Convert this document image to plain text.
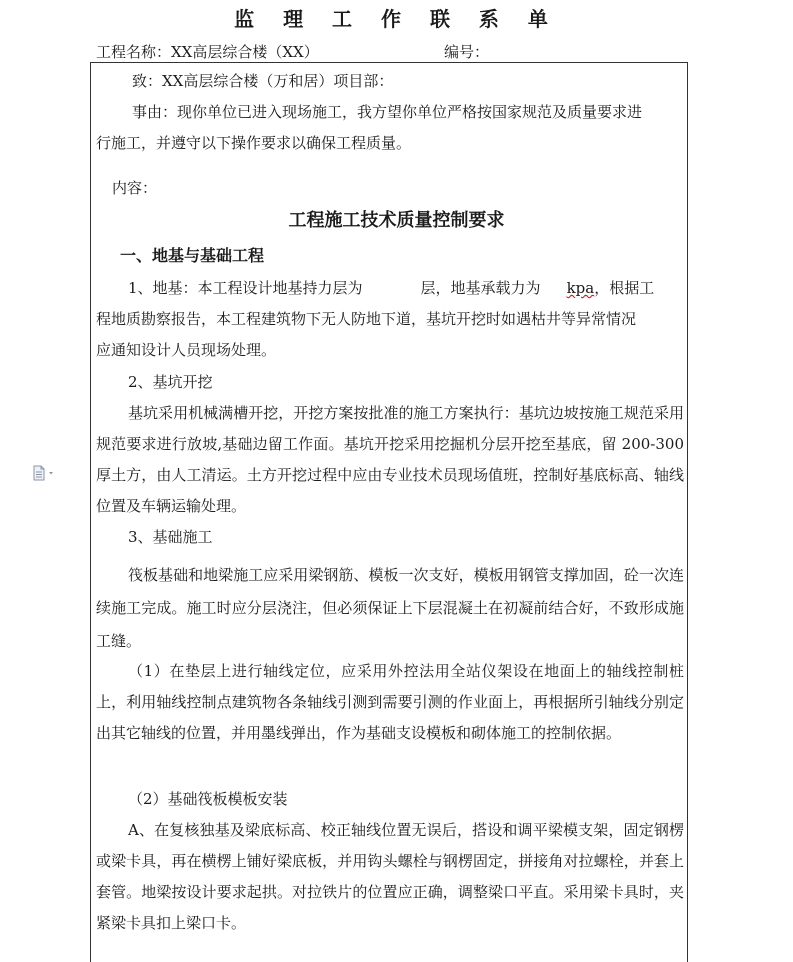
监 理 工 作 联 系 单
工程名称：XX高层综合楼（XX）	编号：
致：XX高层综合楼（万和居）项目部：
事由：现你单位已进入现场施工，我方望你单位严格按国家规范及质量要求进
行施工，并遵守以下操作要求以确保工程质量。
内容：
工程施工技术质量控制要求
一、地基与基础工程
1、地基：本工程设计地基持力层为	层，地基承载力为 kpa，根据工
程地质勘察报告，本工程建筑物下无人防地下道，基坑开挖时如遇枯井等异常情况
应通知设计人员现场处理。
2、基坑开挖
基坑采用机械满槽开挖，开挖方案按批准的施工方案执行：基坑边坡按施工规范采用规范要求进行放坡,基础边留工作面。基坑开挖采用挖掘机分层开挖至基底，留 200-300厚土方，由人工清运。土方开挖过程中应由专业技术员现场值班，控制好基底标高、轴线位置及车辆运输处理。
3、基础施工
筏板基础和地梁施工应采用梁钢筋、模板一次支好，模板用钢管支撑加固，砼一次连续施工完成。施工时应分层浇注，但必须保证上下层混凝土在初凝前结合好，不致形成施工缝。
（1）在垫层上进行轴线定位，应采用外控法用全站仪架设在地面上的轴线控制桩上，利用轴线控制点建筑物各条轴线引测到需要引测的作业面上，再根据所引轴线分别定出其它轴线的位置，并用墨线弹出，作为基础支设模板和砌体施工的控制依据。
（2）基础筏板模板安装
A、在复核独基及梁底标高、校正轴线位置无误后，搭设和调平梁模支架，固定钢楞或梁卡具，再在横楞上铺好梁底板，并用钩头螺栓与钢楞固定，拼接角对拉螺栓，并套上套管。地梁按设计要求起拱。对拉铁片的位置应正确，调整梁口平直。采用梁卡具时，夹紧梁卡具扣上梁口卡。
